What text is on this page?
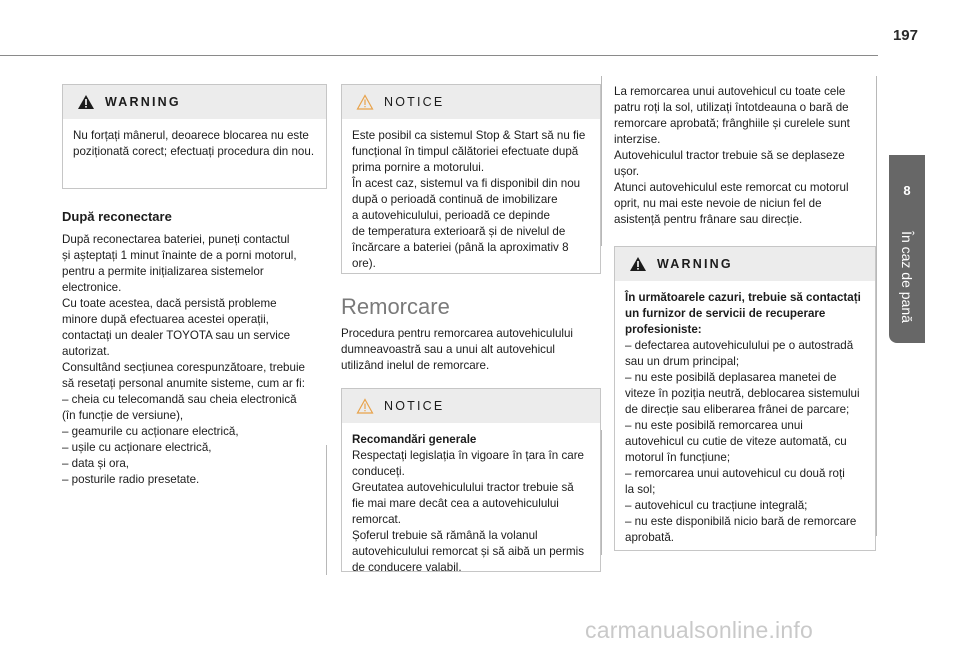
197
8
În caz de pană
WARNING

Nu forțați mânerul, deoarece blocarea nu este poziționată corect; efectuați procedura din nou.

După reconectare

După reconectarea bateriei, puneți contactul

și așteptați 1 minut înainte de a porni motorul,

pentru a permite inițializarea sistemelor

electronice.

Cu toate acestea, dacă persistă probleme

minore după efectuarea acestei operații,

contactați un dealer TOYOTA sau un service

autorizat.

Consultând secțiunea corespunzătoare, trebuie

să resetați personal anumite sisteme, cum ar fi:

– cheia cu telecomandă sau cheia electronică

(în funcție de versiune),

– geamurile cu acționare electrică,

– ușile cu acționare electrică,

– data și ora,

– posturile radio presetate.

NOTICE

Este posibil ca sistemul Stop & Start să nu fie

funcțional în timpul călătoriei efectuate după

prima pornire a motorului.

În acest caz, sistemul va fi disponibil din nou

după o perioadă continuă de imobilizare

a autovehiculului, perioadă ce depinde

de temperatura exterioară și de nivelul de

încărcare a bateriei (până la aproximativ 8

ore).

Remorcare

Procedura pentru remorcarea autovehiculului

dumneavoastră sau a unui alt autovehicul

utilizând inelul de remorcare.

NOTICE

Recomandări generale

Respectați legislația în vigoare în țara în care

conduceți.

Greutatea autovehiculului tractor trebuie să

fie mai mare decât cea a autovehiculului

remorcat.

Șoferul trebuie să rămână la volanul

autovehiculului remorcat și să aibă un permis

de conducere valabil.

La remorcarea unui autovehicul cu toate cele

patru roți la sol, utilizați întotdeauna o bară de

remorcare aprobată; frânghiile și curelele sunt

interzise.

Autovehiculul tractor trebuie să se deplaseze

ușor.

Atunci autovehiculul este remorcat cu motorul

oprit, nu mai este nevoie de niciun fel de

asistență pentru frânare sau direcție.

WARNING

În următoarele cazuri, trebuie să contactați

un furnizor de servicii de recuperare

profesioniste:

– defectarea autovehiculului pe o autostradă

sau un drum principal;

– nu este posibilă deplasarea manetei de

viteze în poziția neutră, deblocarea sistemului

de direcție sau eliberarea frânei de parcare;

– nu este posibilă remorcarea unui

autovehicul cu cutie de viteze automată, cu

motorul în funcțiune;

– remorcarea unui autovehicul cu două roți

la sol;

– autovehicul cu tracțiune integrală;

– nu este disponibilă nicio bară de remorcare

aprobată.

carmanualsonline.info
